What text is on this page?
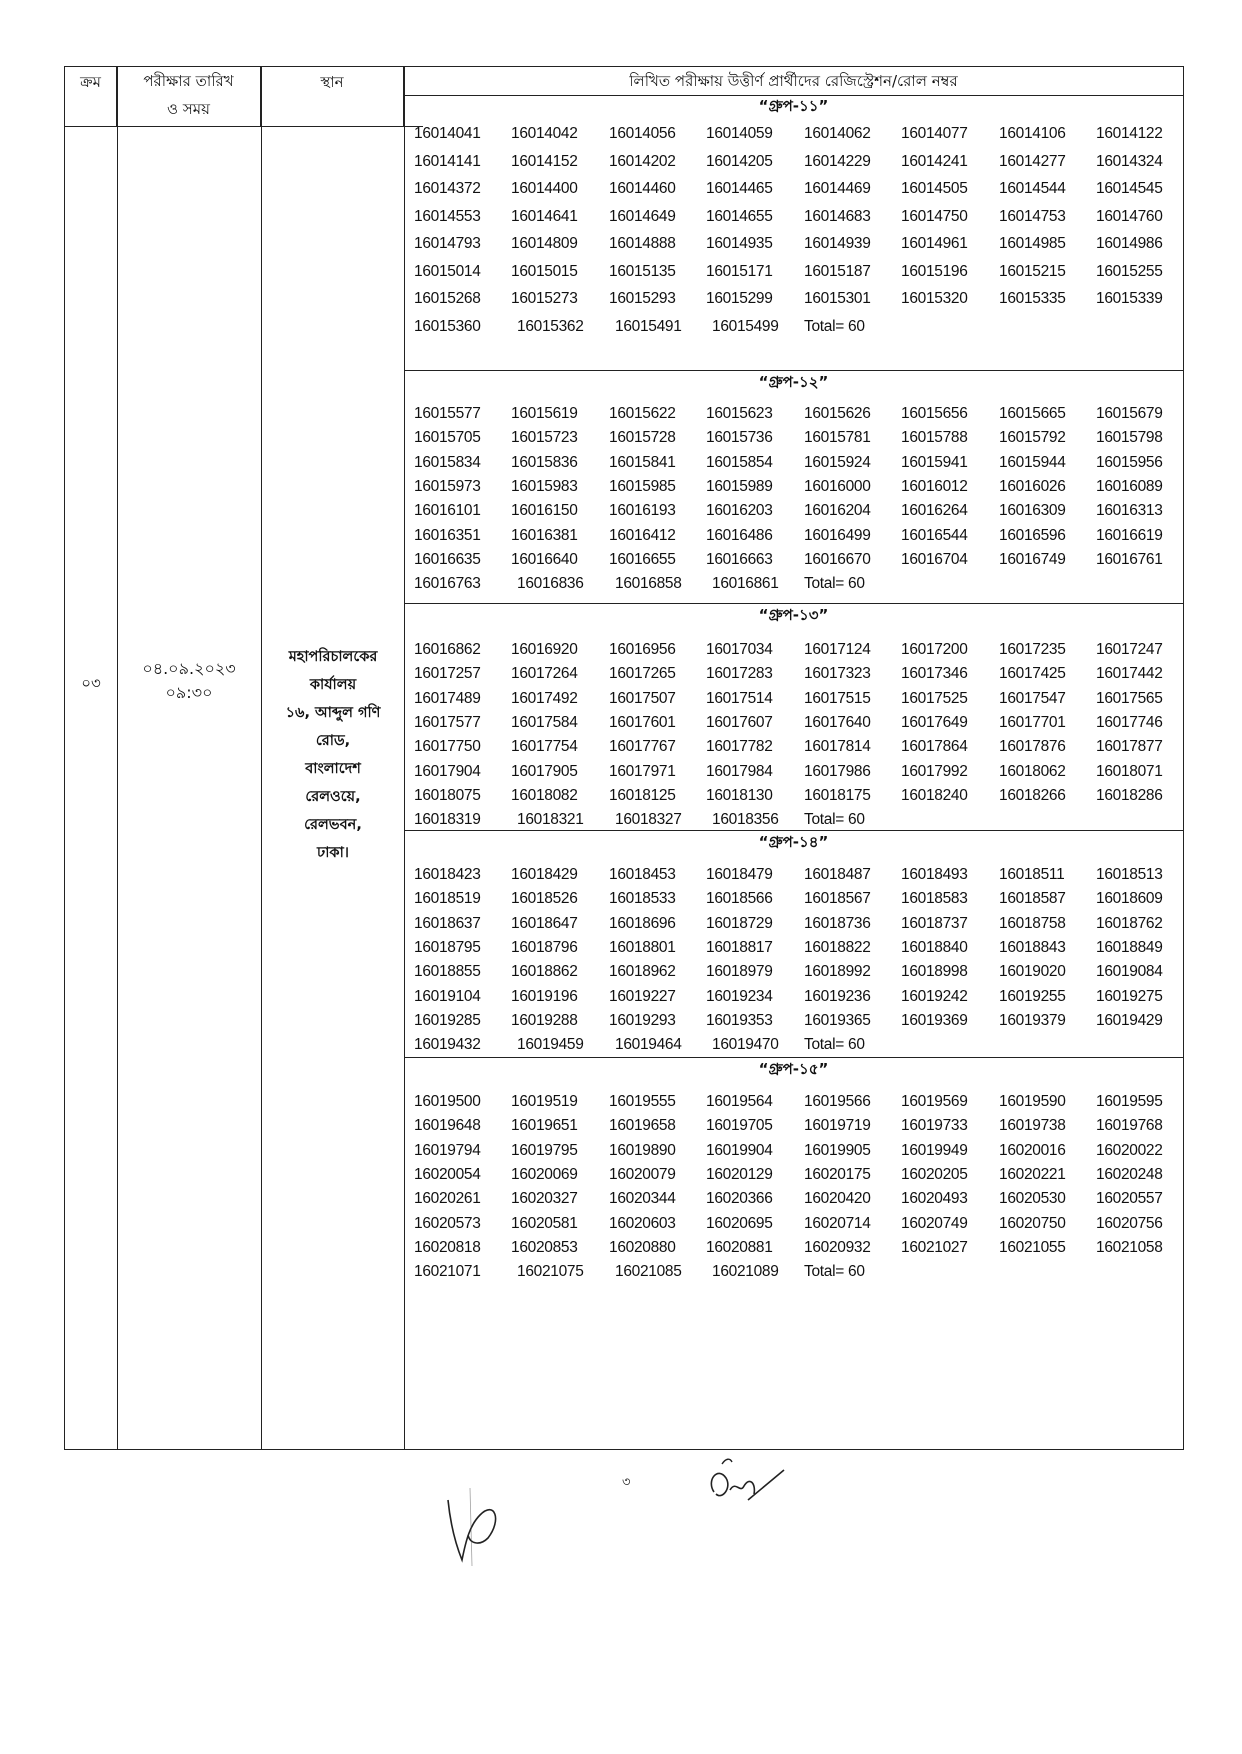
ক্রম	পরীক্ষার তারিখ
ও সময়
স্থান	লিখিত পরীক্ষায় উত্তীর্ণ প্রার্থীদের রেজিস্ট্রেশন/রোল নম্বর
০৩
০৪.০৯.২০২৩
০৯:৩০
মহাপরিচালকের
কার্যালয়
১৬, আব্দুল গণি
রোড,
বাংলাদেশ
রেলওয়ে,
রেলভবন,
ঢাকা।
“গ্রুপ-১১”
16014041 16014042 16014056 16014059 16014062 16014077 16014106 16014122
16014141 16014152 16014202 16014205 16014229 16014241 16014277 16014324
16014372 16014400 16014460 16014465 16014469 16014505 16014544 16014545
16014553 16014641 16014649 16014655 16014683 16014750 16014753 16014760
16014793 16014809 16014888 16014935 16014939 16014961 16014985 16014986
16015014 16015015 16015135 16015171 16015187 16015196 16015215 16015255
16015268 16015273 16015293 16015299 16015301 16015320 16015335 16015339
16015360 16015362 16015491 16015499 Total= 60
“গ্রুপ-১২”
16015577 16015619 16015622 16015623 16015626 16015656 16015665 16015679
16015705 16015723 16015728 16015736 16015781 16015788 16015792 16015798
16015834 16015836 16015841 16015854 16015924 16015941 16015944 16015956
16015973 16015983 16015985 16015989 16016000 16016012 16016026 16016089
16016101 16016150 16016193 16016203 16016204 16016264 16016309 16016313
16016351 16016381 16016412 16016486 16016499 16016544 16016596 16016619
16016635 16016640 16016655 16016663 16016670 16016704 16016749 16016761
16016763 16016836 16016858 16016861 Total= 60
“গ্রুপ-১৩”
16016862 16016920 16016956 16017034 16017124 16017200 16017235 16017247
16017257 16017264 16017265 16017283 16017323 16017346 16017425 16017442
16017489 16017492 16017507 16017514 16017515 16017525 16017547 16017565
16017577 16017584 16017601 16017607 16017640 16017649 16017701 16017746
16017750 16017754 16017767 16017782 16017814 16017864 16017876 16017877
16017904 16017905 16017971 16017984 16017986 16017992 16018062 16018071
16018075 16018082 16018125 16018130 16018175 16018240 16018266 16018286
16018319 16018321 16018327 16018356 Total= 60
“গ্রুপ-১৪”
16018423 16018429 16018453 16018479 16018487 16018493 16018511 16018513
16018519 16018526 16018533 16018566 16018567 16018583 16018587 16018609
16018637 16018647 16018696 16018729 16018736 16018737 16018758 16018762
16018795 16018796 16018801 16018817 16018822 16018840 16018843 16018849
16018855 16018862 16018962 16018979 16018992 16018998 16019020 16019084
16019104 16019196 16019227 16019234 16019236 16019242 16019255 16019275
16019285 16019288 16019293 16019353 16019365 16019369 16019379 16019429
16019432 16019459 16019464 16019470 Total= 60
“গ্রুপ-১৫”
16019500 16019519 16019555 16019564 16019566 16019569 16019590 16019595
16019648 16019651 16019658 16019705 16019719 16019733 16019738 16019768
16019794 16019795 16019890 16019904 16019905 16019949 16020016 16020022
16020054 16020069 16020079 16020129 16020175 16020205 16020221 16020248
16020261 16020327 16020344 16020366 16020420 16020493 16020530 16020557
16020573 16020581 16020603 16020695 16020714 16020749 16020750 16020756
16020818 16020853 16020880 16020881 16020932 16021027 16021055 16021058
16021071 16021075 16021085 16021089 Total= 60
৩
